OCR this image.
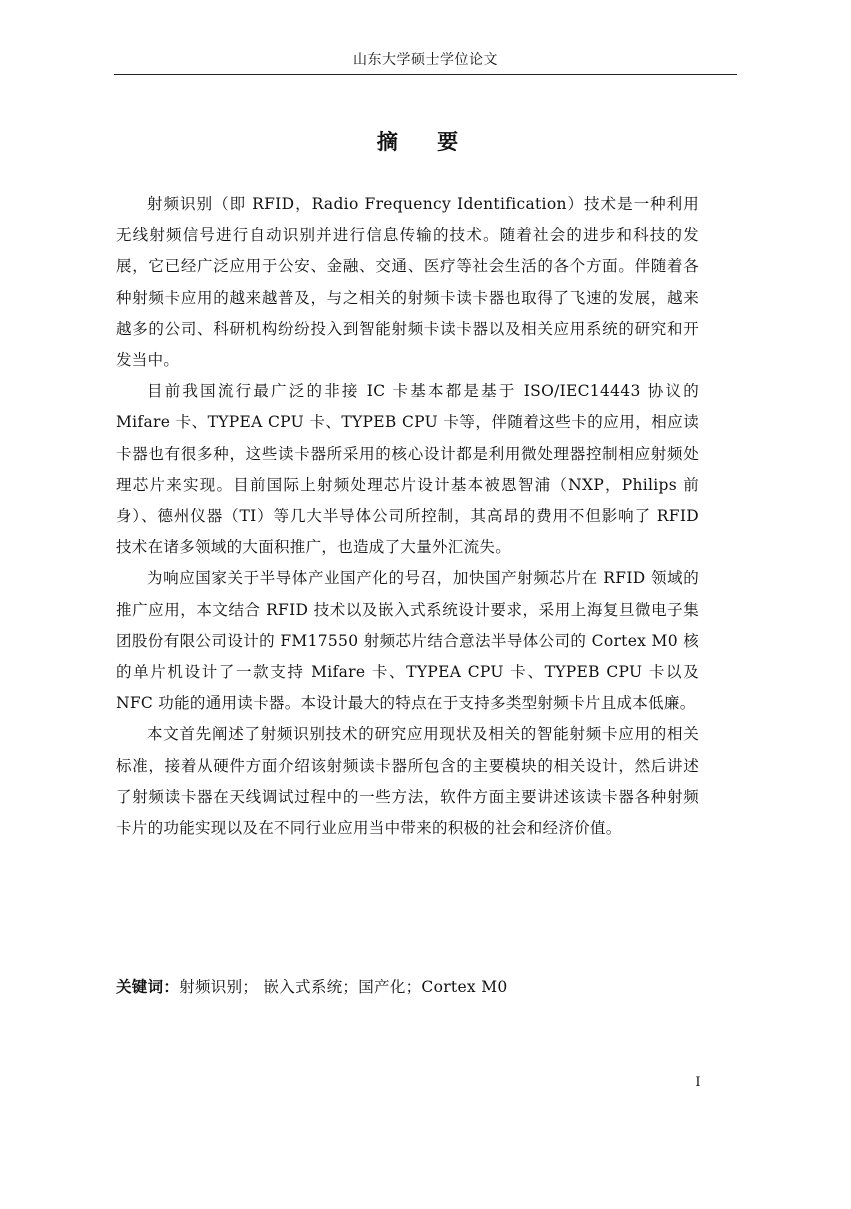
山东大学硕士学位论文
摘 要

射频识别（即 RFID，Radio Frequency Identification）技术是一种利用无线射频信号进行自动识别并进行信息传输的技术。随着社会的进步和科技的发展，它已经广泛应用于公安、金融、交通、医疗等社会生活的各个方面。伴随着各种射频卡应用的越来越普及，与之相关的射频卡读卡器也取得了飞速的发展，越来越多的公司、科研机构纷纷投入到智能射频卡读卡器以及相关应用系统的研究和开发当中。

目前我国流行最广泛的非接 IC 卡基本都是基于 ISO/IEC14443 协议的 Mifare 卡、TYPEA CPU 卡、TYPEB CPU 卡等，伴随着这些卡的应用，相应读卡器也有很多种，这些读卡器所采用的核心设计都是利用微处理器控制相应射频处理芯片来实现。目前国际上射频处理芯片设计基本被恩智浦（NXP，Philips 前身）、德州仪器（TI）等几大半导体公司所控制，其高昂的费用不但影响了 RFID 技术在诸多领域的大面积推广，也造成了大量外汇流失。

为响应国家关于半导体产业国产化的号召，加快国产射频芯片在 RFID 领域的推广应用，本文结合 RFID 技术以及嵌入式系统设计要求，采用上海复旦微电子集团股份有限公司设计的 FM17550 射频芯片结合意法半导体公司的 Cortex M0 核的单片机设计了一款支持 Mifare 卡、TYPEA CPU 卡、TYPEB CPU 卡以及 NFC 功能的通用读卡器。本设计最大的特点在于支持多类型射频卡片且成本低廉。

本文首先阐述了射频识别技术的研究应用现状及相关的智能射频卡应用的相关标准，接着从硬件方面介绍该射频读卡器所包含的主要模块的相关设计，然后讲述了射频读卡器在天线调试过程中的一些方法，软件方面主要讲述该读卡器各种射频卡片的功能实现以及在不同行业应用当中带来的积极的社会和经济价值。

关键词：射频识别； 嵌入式系统；国产化；Cortex M0
I
